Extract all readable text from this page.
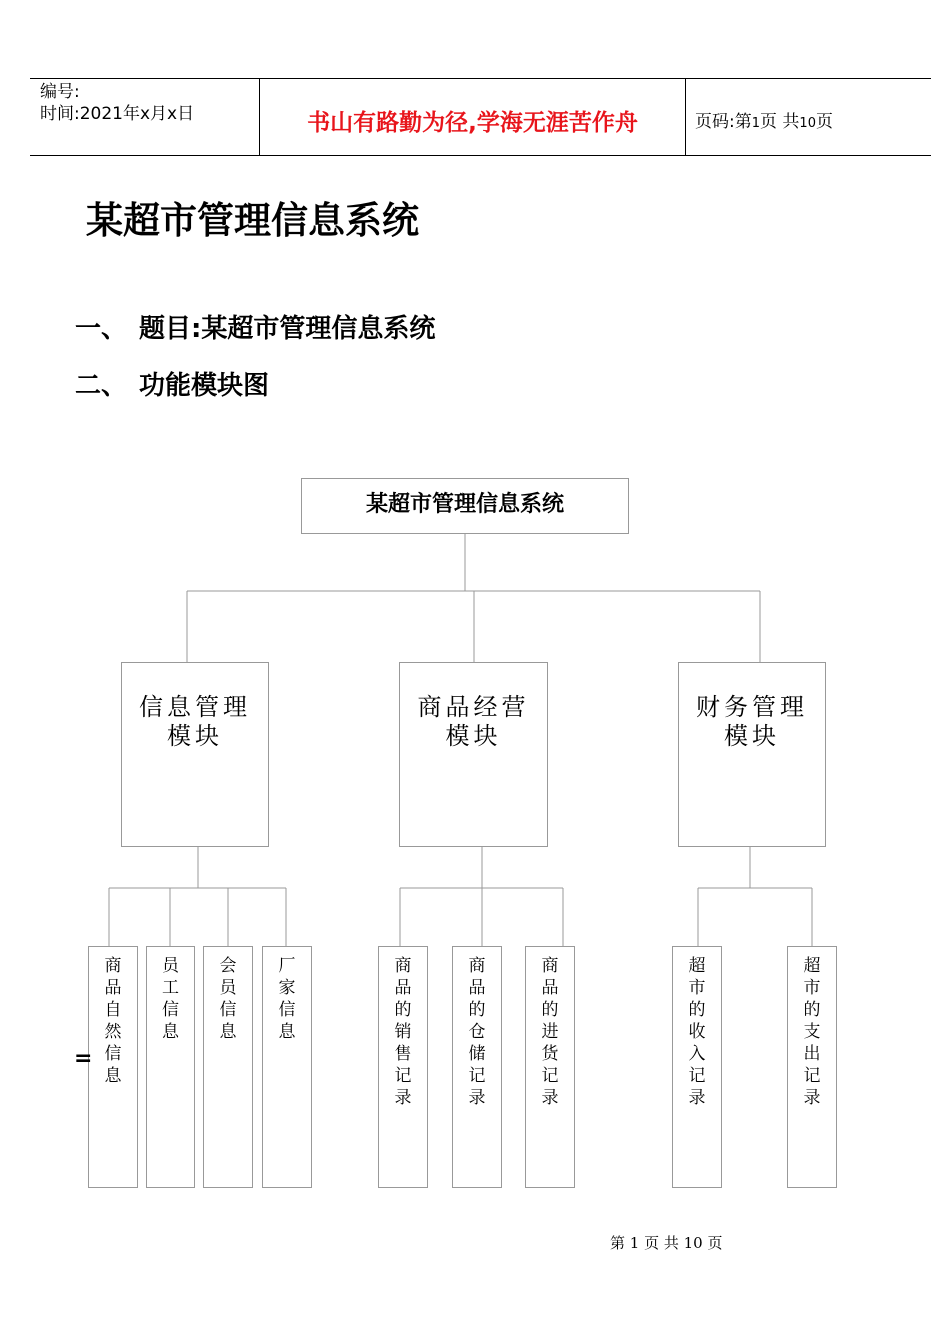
编号:
时间:2021年x月x日	书山有路勤为径,学海无涯苦作舟	页码:第1页 共10页
某超市管理信息系统
一、 题目:某超市管理信息系统
二、 功能模块图
某超市管理信息系统
信息管理
模块
商品经营
模块
财务管理
模块
商
品
自
然
信
息
员
工
信
息
会
员
信
息
厂
家
信
息
商
品
的
销
售
记
录
商
品
的
仓
储
记
录
商
品
的
进
货
记
录
超
市
的
收
入
记
录
超
市
的
支
出
记
录
=
第 1 页 共 10 页
